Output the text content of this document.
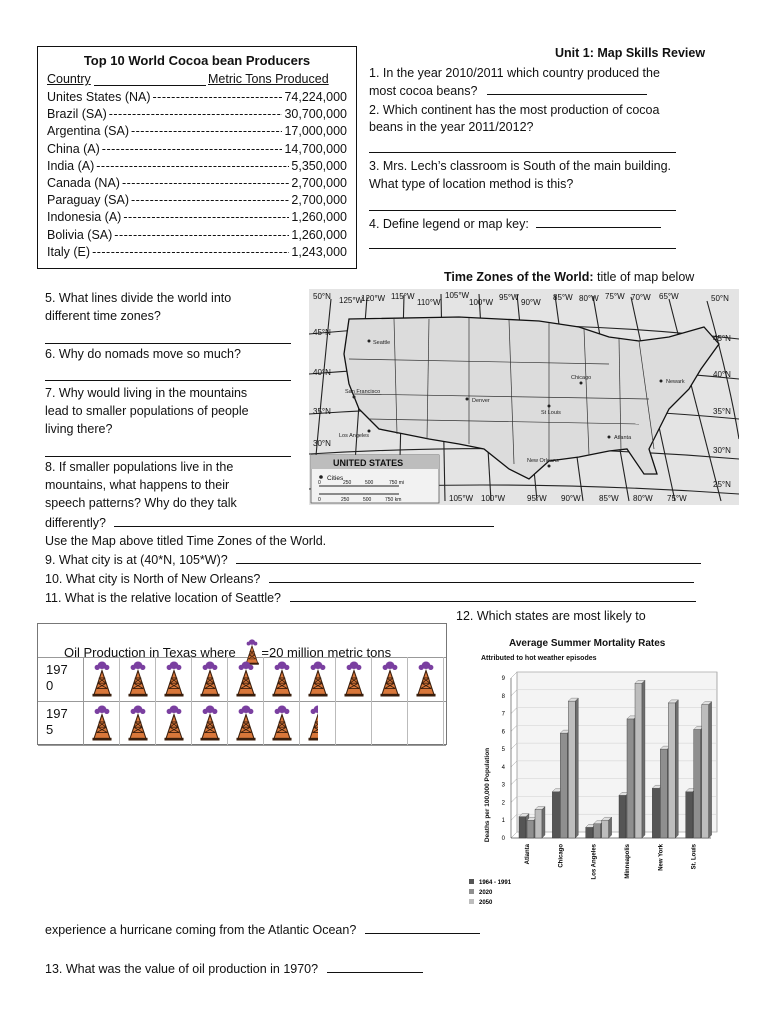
Top 10 World Cocoa bean Producers
Country	Metric Tons Produced
Unites States (NA) -----	74,224,000
Brazil (SA) -----	30,700,000
Argentina (SA) -----	17,000,000
China (A) -----	14,700,000
India (A) -----	5,350,000
Canada (NA) -----	2,700,000
Paraguay (SA) -----	2,700,000
Indonesia (A) -----	1,260,000
Bolivia (SA) -----	1,260,000
Italy (E) -----	1,243,000
Unit 1: Map Skills Review
1. In the year 2010/2011 which country produced the
most cocoa beans?
2. Which continent has the most production of cocoa
beans in the year 2011/2012?
3. Mrs. Lech’s classroom is South of the main building.
What type of location method is this?
4. Define legend or map key:
Time Zones of the World: title of map below
Seattle
San Francisco
Los Angeles
Denver
St Louis
Chicago
Newark
Atlanta
New Orleans
50°N 125°W
120°W 115°W
110°W
105°W
100°W
95°W
90°W
85°W 80°W 75°W 70°W 65°W	50°N
105°W 100°W	95°W 90°W 85°W 80°W 75°W
45°N
40°N
35°N
30°N
45°N
40°N
35°N
30°N
25°N
UNITED STATES
Cities
0	250	500	750 mi
0	250	500	750 km
5. What lines divide the world into
different time zones?
6. Why do nomads move so much?
7. Why would living in the mountains
lead to smaller populations of people
living there?
8. If smaller populations live in the
mountains, what happens to their
speech patterns? Why do they talk
differently?
Use the Map above titled Time Zones of the World.
9. What city is at (40*N, 105*W)?
10. What city is North of New Orleans?
11. What is the relative location of Seattle?
12. Which states are most likely to
Oil Production in Texas where =20 million metric tons
197
0
197
5
Average Summer Mortality Rates
Attributed to hot weather episodes
Deaths per 100,000 Population 0
1
2
3
4
5
6
7
8
9
Atlanta	Chicago	Los Angeles	Minneapolis	New York	St. Louis
1964 - 1991
2020
2050
experience a hurricane coming from the Atlantic Ocean?
13. What was the value of oil production in 1970?
